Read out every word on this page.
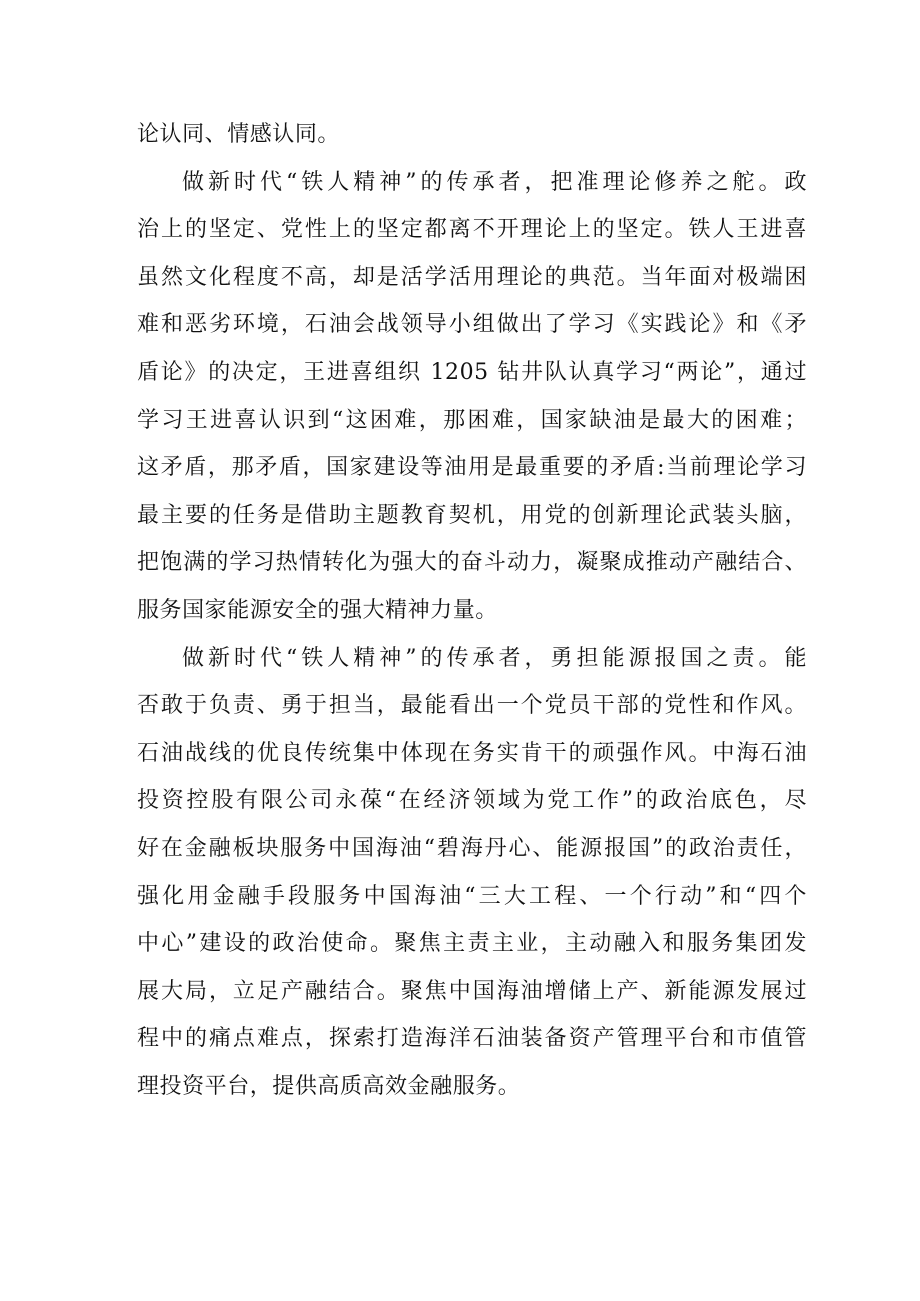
论认同、情感认同。
做新时代“铁人精神”的传承者，把准理论修养之舵。政
治上的坚定、党性上的坚定都离不开理论上的坚定。铁人王进喜
虽然文化程度不高，却是活学活用理论的典范。当年面对极端困
难和恶劣环境，石油会战领导小组做出了学习《实践论》和《矛
盾论》的决定，王进喜组织 1205 钻井队认真学习“两论”，通过
学习王进喜认识到“这困难，那困难，国家缺油是最大的困难；
这矛盾，那矛盾，国家建设等油用是最重要的矛盾:当前理论学习
最主要的任务是借助主题教育契机，用党的创新理论武装头脑，
把饱满的学习热情转化为强大的奋斗动力，凝聚成推动产融结合、
服务国家能源安全的强大精神力量。
做新时代“铁人精神”的传承者，勇担能源报国之责。能
否敢于负责、勇于担当，最能看出一个党员干部的党性和作风。
石油战线的优良传统集中体现在务实肯干的顽强作风。中海石油
投资控股有限公司永葆“在经济领域为党工作”的政治底色，尽
好在金融板块服务中国海油“碧海丹心、能源报国”的政治责任，
强化用金融手段服务中国海油“三大工程、一个行动”和“四个
中心”建设的政治使命。聚焦主责主业，主动融入和服务集团发
展大局，立足产融结合。聚焦中国海油增储上产、新能源发展过
程中的痛点难点，探索打造海洋石油装备资产管理平台和市值管
理投资平台，提供高质高效金融服务。
